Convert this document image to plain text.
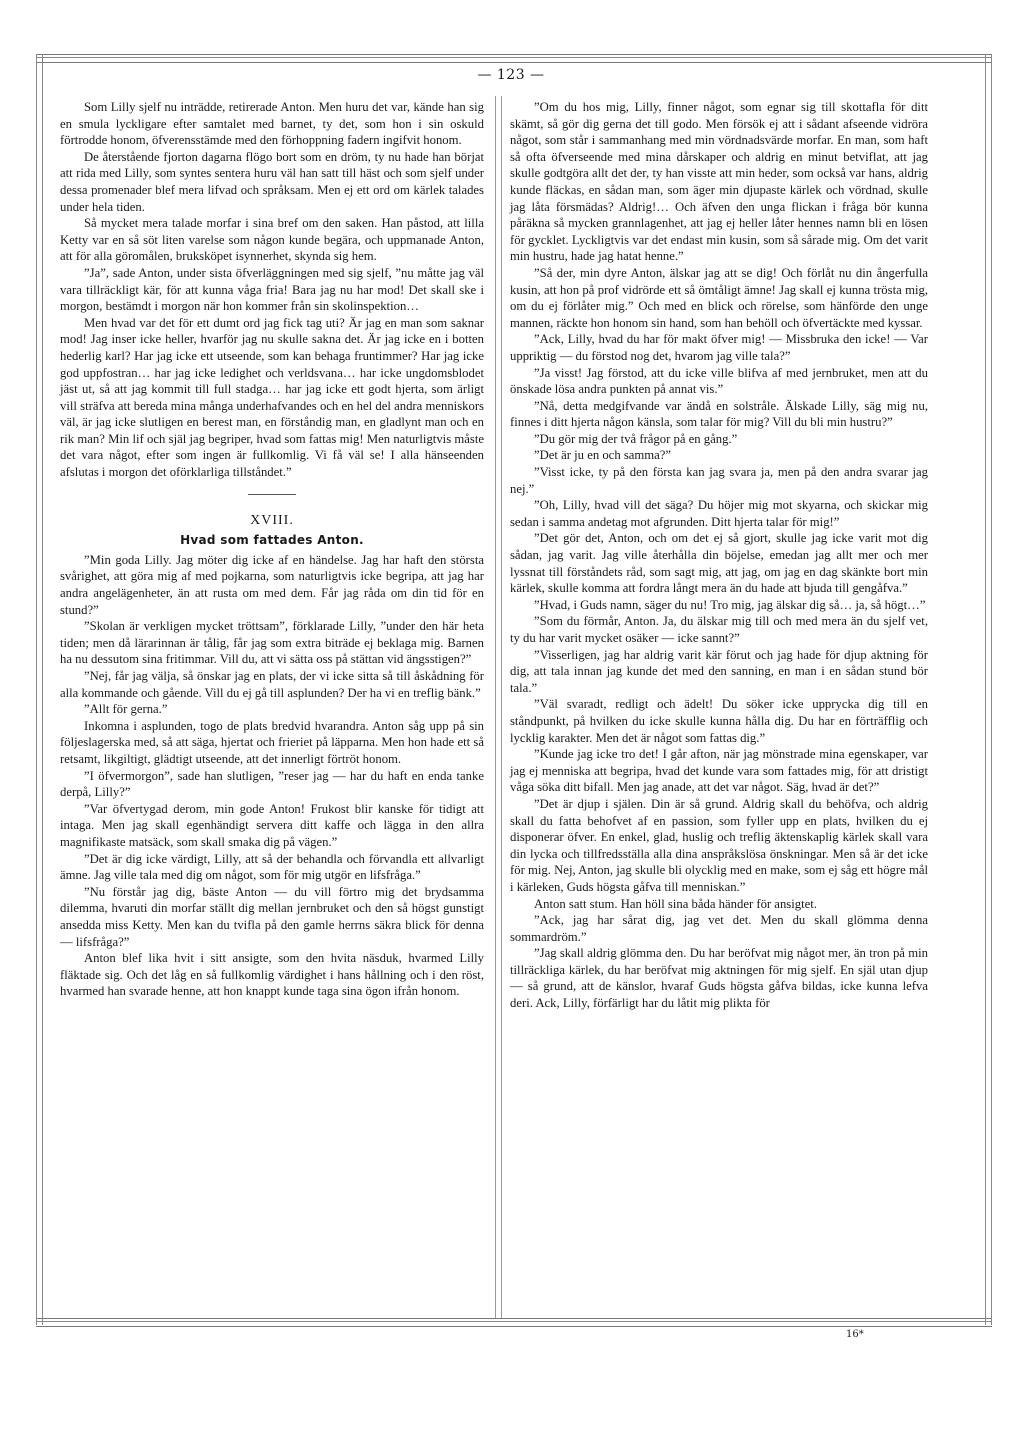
— 123 —

Som Lilly sjelf nu inträdde, retirerade Anton. Men huru det var, kände han sig en smula lyckligare efter samtalet med barnet, ty det, som hon i sin oskuld förtrodde honom, öfverensstämde med den förhoppning fadern ingifvit honom.

De återstående fjorton dagarna flögo bort som en dröm, ty nu hade han börjat att rida med Lilly, som syntes sentera huru väl han satt till häst och som sjelf under dessa promenader blef mera lifvad och språksam. Men ej ett ord om kärlek talades under hela tiden.

Så mycket mera talade morfar i sina bref om den saken. Han påstod, att lilla Ketty var en så söt liten varelse som någon kunde begära, och uppmanade Anton, att för alla göromålen, bruksköpet isynnerhet, skynda sig hem.

”Ja”, sade Anton, under sista öfverläggningen med sig sjelf, ”nu måtte jag väl vara tillräckligt kär, för att kunna våga fria! Bara jag nu har mod! Det skall ske i morgon, bestämdt i morgon när hon kommer från sin skolinspektion…

Men hvad var det för ett dumt ord jag fick tag uti? Är jag en man som saknar mod! Jag inser icke heller, hvarför jag nu skulle sakna det. Är jag icke en i botten hederlig karl? Har jag icke ett utseende, som kan behaga fruntimmer? Har jag icke god uppfostran… har jag icke ledighet och verldsvana… har icke ungdomsblodet jäst ut, så att jag kommit till full stadga… har jag icke ett godt hjerta, som ärligt vill sträfva att bereda mina många underhafvandes och en hel del andra menniskors väl, är jag icke slutligen en berest man, en förståndig man, en gladlynt man och en rik man? Min lif och själ jag begriper, hvad som fattas mig! Men naturligtvis måste det vara något, efter som ingen är fullkomlig. Vi få väl se! I alla hänseenden afslutas i morgon det oförklarliga tillståndet.”

XVIII.
Hvad som fattades Anton.

”Min goda Lilly. Jag möter dig icke af en händelse. Jag har haft den största svårighet, att göra mig af med pojkarna, som naturligtvis icke begripa, att jag har andra angelägenheter, än att rusta om med dem. Får jag råda om din tid för en stund?”

”Skolan är verkligen mycket tröttsam”, förklarade Lilly, ”under den här heta tiden; men då lärarinnan är tålig, får jag som extra biträde ej beklaga mig. Barnen ha nu dessutom sina fritimmar. Vill du, att vi sätta oss på stättan vid ängsstigen?”

”Nej, får jag välja, så önskar jag en plats, der vi icke sitta så till åskådning för alla kommande och gående. Vill du ej gå till asplunden? Der ha vi en treflig bänk.”

”Allt för gerna.”

Inkomna i asplunden, togo de plats bredvid hvarandra. Anton såg upp på sin följeslagerska med, så att säga, hjertat och frieriet på läpparna. Men hon hade ett så retsamt, likgiltigt, glädtigt utseende, att det innerligt förtröt honom.

”I öfvermorgon”, sade han slutligen, ”reser jag — har du haft en enda tanke derpå, Lilly?”

”Var öfvertygad derom, min gode Anton! Frukost blir kanske för tidigt att intaga. Men jag skall egenhändigt servera ditt kaffe och lägga in den allra magnifikaste matsäck, som skall smaka dig på vägen.”

”Det är dig icke värdigt, Lilly, att så der behandla och förvandla ett allvarligt ämne. Jag ville tala med dig om något, som för mig utgör en lifsfråga.”

”Nu förstår jag dig, bäste Anton — du vill förtro mig det brydsamma dilemma, hvaruti din morfar ställt dig mellan jernbruket och den så högst gunstigt ansedda miss Ketty. Men kan du tvifla på den gamle herrns säkra blick för denna — lifsfråga?”

Anton blef lika hvit i sitt ansigte, som den hvita näsduk, hvarmed Lilly fläktade sig. Och det låg en så fullkomlig värdighet i hans hållning och i den röst, hvarmed han svarade henne, att hon knappt kunde taga sina ögon ifrån honom.

”Om du hos mig, Lilly, finner något, som egnar sig till skottafla för ditt skämt, så gör dig gerna det till godo. Men försök ej att i sådant afseende vidröra något, som står i sammanhang med min vördnadsvärde morfar. En man, som haft så ofta öfverseende med mina dårskaper och aldrig en minut betviflat, att jag skulle godtgöra allt det der, ty han visste att min heder, som också var hans, aldrig kunde fläckas, en sådan man, som äger min djupaste kärlek och vördnad, skulle jag låta försmädas? Aldrig!… Och äfven den unga flickan i fråga bör kunna påräkna så mycken grannlagenhet, att jag ej heller låter hennes namn bli en lösen för gycklet. Lyckligtvis var det endast min kusin, som så sårade mig. Om det varit min hustru, hade jag hatat henne.”

”Så der, min dyre Anton, älskar jag att se dig! Och förlåt nu din ångerfulla kusin, att hon på prof vidrörde ett så ömtåligt ämne! Jag skall ej kunna trösta mig, om du ej förlåter mig.” Och med en blick och rörelse, som hänförde den unge mannen, räckte hon honom sin hand, som han behöll och öfvertäckte med kyssar.

”Ack, Lilly, hvad du har för makt öfver mig! — Missbruka den icke! — Var uppriktig — du förstod nog det, hvarom jag ville tala?”

”Ja visst! Jag förstod, att du icke ville blifva af med jernbruket, men att du önskade lösa andra punkten på annat vis.”

”Nå, detta medgifvande var ändå en solstråle. Älskade Lilly, säg mig nu, finnes i ditt hjerta någon känsla, som talar för mig? Vill du bli min hustru?”

”Du gör mig der två frågor på en gång.”

”Det är ju en och samma?”

”Visst icke, ty på den första kan jag svara ja, men på den andra svarar jag nej.”

”Oh, Lilly, hvad vill det säga? Du höjer mig mot skyarna, och skickar mig sedan i samma andetag mot afgrunden. Ditt hjerta talar för mig!”

”Det gör det, Anton, och om det ej så gjort, skulle jag icke varit mot dig sådan, jag varit. Jag ville återhålla din böjelse, emedan jag allt mer och mer lyssnat till förståndets råd, som sagt mig, att jag, om jag en dag skänkte bort min kärlek, skulle komma att fordra långt mera än du hade att bjuda till gengåfva.”

”Hvad, i Guds namn, säger du nu! Tro mig, jag älskar dig så… ja, så högt…”

”Som du förmår, Anton. Ja, du älskar mig till och med mera än du sjelf vet, ty du har varit mycket osäker — icke sannt?”

”Visserligen, jag har aldrig varit kär förut och jag hade för djup aktning för dig, att tala innan jag kunde det med den sanning, en man i en sådan stund bör tala.”

”Väl svaradt, redligt och ädelt! Du söker icke upprycka dig till en ståndpunkt, på hvilken du icke skulle kunna hålla dig. Du har en förträfflig och lycklig karakter. Men det är något som fattas dig.”

”Kunde jag icke tro det! I går afton, när jag mönstrade mina egenskaper, var jag ej menniska att begripa, hvad det kunde vara som fattades mig, för att dristigt våga söka ditt bifall. Men jag anade, att det var något. Säg, hvad är det?”

”Det är djup i själen. Din är så grund. Aldrig skall du behöfva, och aldrig skall du fatta behofvet af en passion, som fyller upp en plats, hvilken du ej disponerar öfver. En enkel, glad, huslig och treflig äktenskaplig kärlek skall vara din lycka och tillfredsställa alla dina anspråkslösa önskningar. Men så är det icke för mig. Nej, Anton, jag skulle bli olycklig med en make, som ej såg ett högre mål i kärleken, Guds högsta gåfva till menniskan.”

Anton satt stum. Han höll sina båda händer för ansigtet.

”Ack, jag har sårat dig, jag vet det. Men du skall glömma denna sommardröm.”

”Jag skall aldrig glömma den. Du har beröfvat mig något mer, än tron på min tillräckliga kärlek, du har beröfvat mig aktningen för mig sjelf. En själ utan djup — så grund, att de känslor, hvaraf Guds högsta gåfva bildas, icke kunna lefva deri. Ack, Lilly, förfärligt har du låtit mig plikta för

16*
